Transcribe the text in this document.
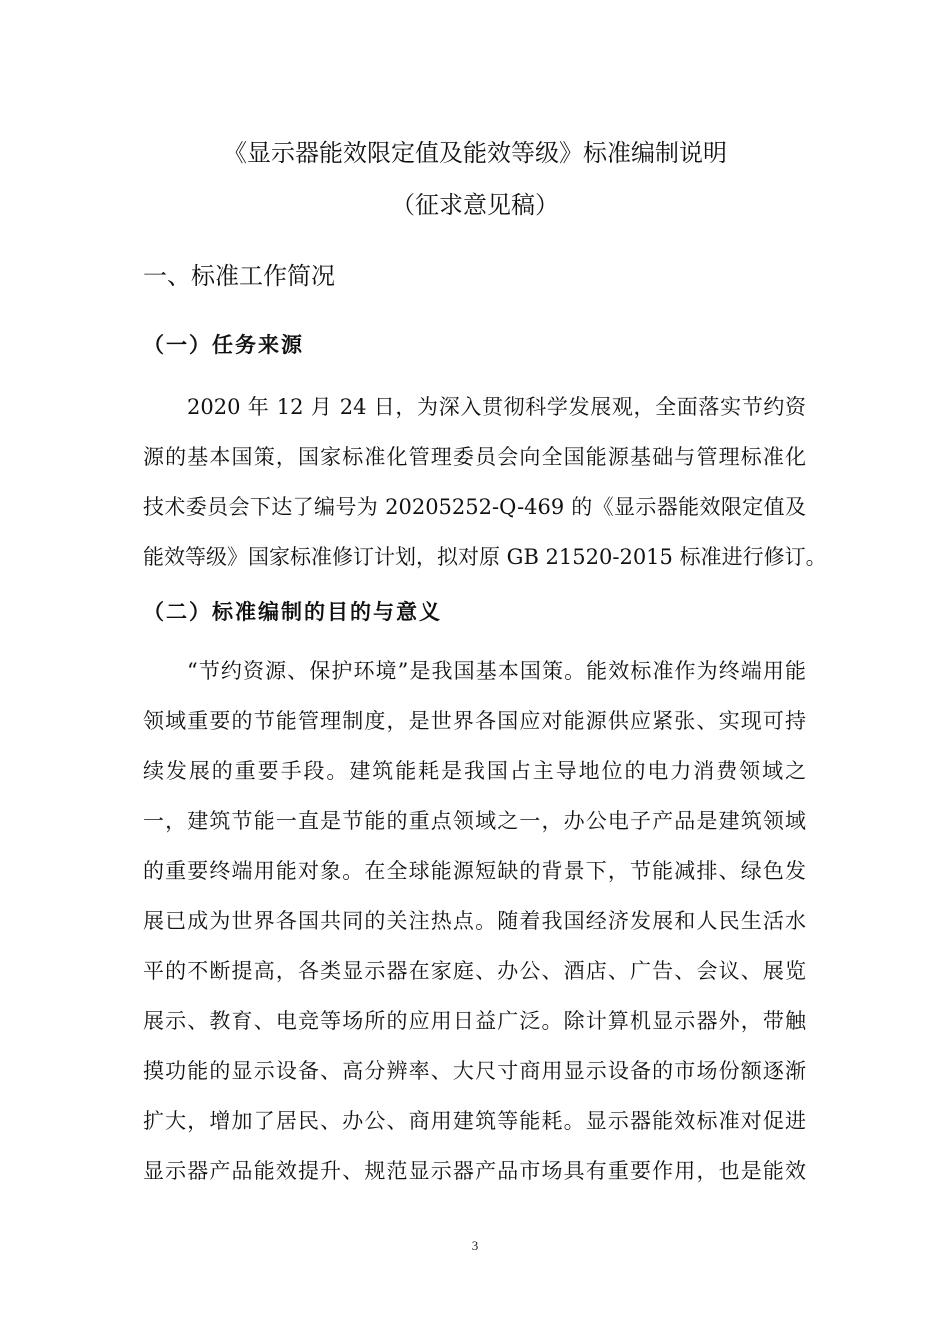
《显示器能效限定值及能效等级》标准编制说明
（征求意见稿）
一、标准工作简况
（一）任务来源
2020 年 12 月 24 日，为深入贯彻科学发展观，全面落实节约资
源的基本国策，国家标准化管理委员会向全国能源基础与管理标准化
技术委员会下达了编号为 20205252-Q-469 的《显示器能效限定值及
能效等级》国家标准修订计划，拟对原 GB 21520-2015 标准进行修订。
（二）标准编制的目的与意义
“节约资源、保护环境”是我国基本国策。能效标准作为终端用能
领域重要的节能管理制度，是世界各国应对能源供应紧张、实现可持
续发展的重要手段。建筑能耗是我国占主导地位的电力消费领域之
一，建筑节能一直是节能的重点领域之一，办公电子产品是建筑领域
的重要终端用能对象。在全球能源短缺的背景下，节能减排、绿色发
展已成为世界各国共同的关注热点。随着我国经济发展和人民生活水
平的不断提高，各类显示器在家庭、办公、酒店、广告、会议、展览
展示、教育、电竞等场所的应用日益广泛。除计算机显示器外，带触
摸功能的显示设备、高分辨率、大尺寸商用显示设备的市场份额逐渐
扩大，增加了居民、办公、商用建筑等能耗。显示器能效标准对促进
显示器产品能效提升、规范显示器产品市场具有重要作用，也是能效
3
